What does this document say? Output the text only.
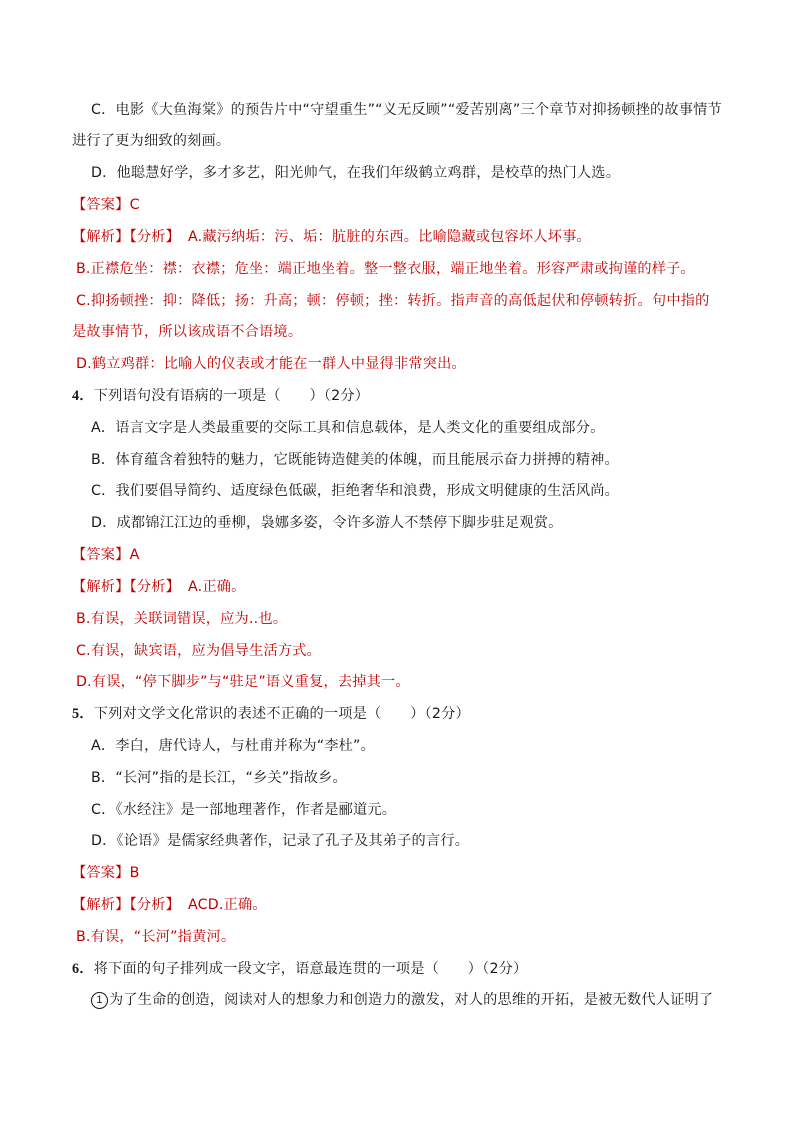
C．电影《大鱼海棠》的预告片中“守望重生”“义无反顾”“爱苦别离”三个章节对抑扬顿挫的故事情节
进行了更为细致的刻画。
D．他聪慧好学，多才多艺，阳光帅气，在我们年级鹤立鸡群，是校草的热门人选。
【答案】C
【解析】【分析】 A.藏污纳垢：污、垢：肮脏的东西。比喻隐藏或包容坏人坏事。
B.正襟危坐：襟：衣襟；危坐：端正地坐着。整一整衣服，端正地坐着。形容严肃或拘谨的样子。
C.抑扬顿挫：抑：降低；扬：升高；顿：停顿；挫：转折。指声音的高低起伏和停顿转折。句中指的
是故事情节，所以该成语不合语境。
D.鹤立鸡群：比喻人的仪表或才能在一群人中显得非常突出。
4．下列语句没有语病的一项是（　　）（2分）
A．语言文字是人类最重要的交际工具和信息载体，是人类文化的重要组成部分。
B．体育蕴含着独特的魅力，它既能铸造健美的体魄，而且能展示奋力拼搏的精神。
C．我们要倡导简约、适度绿色低碳，拒绝奢华和浪费，形成文明健康的生活风尚。
D．成都锦江江边的垂柳，袅娜多姿，令许多游人不禁停下脚步驻足观赏。
【答案】A
【解析】【分析】 A.正确。
B.有误，关联词错误，应为..也。
C.有误，缺宾语，应为倡导生活方式。
D.有误，“停下脚步”与“驻足”语义重复，去掉其一。
5．下列对文学文化常识的表述不正确的一项是（　　）（2分）
A．李白，唐代诗人，与杜甫并称为“李杜”。
B．“长河”指的是长江，“乡关”指故乡。
C．《水经注》是一部地理著作，作者是郦道元。
D．《论语》是儒家经典著作，记录了孔子及其弟子的言行。
【答案】B
【解析】【分析】 ACD.正确。
B.有误，“长河”指黄河。
6．将下面的句子排列成一段文字，语意最连贯的一项是（　　）（2分）
1 为了生命的创造，阅读对人的想象力和创造力的激发，对人的思维的开拓，是被无数代人证明了
